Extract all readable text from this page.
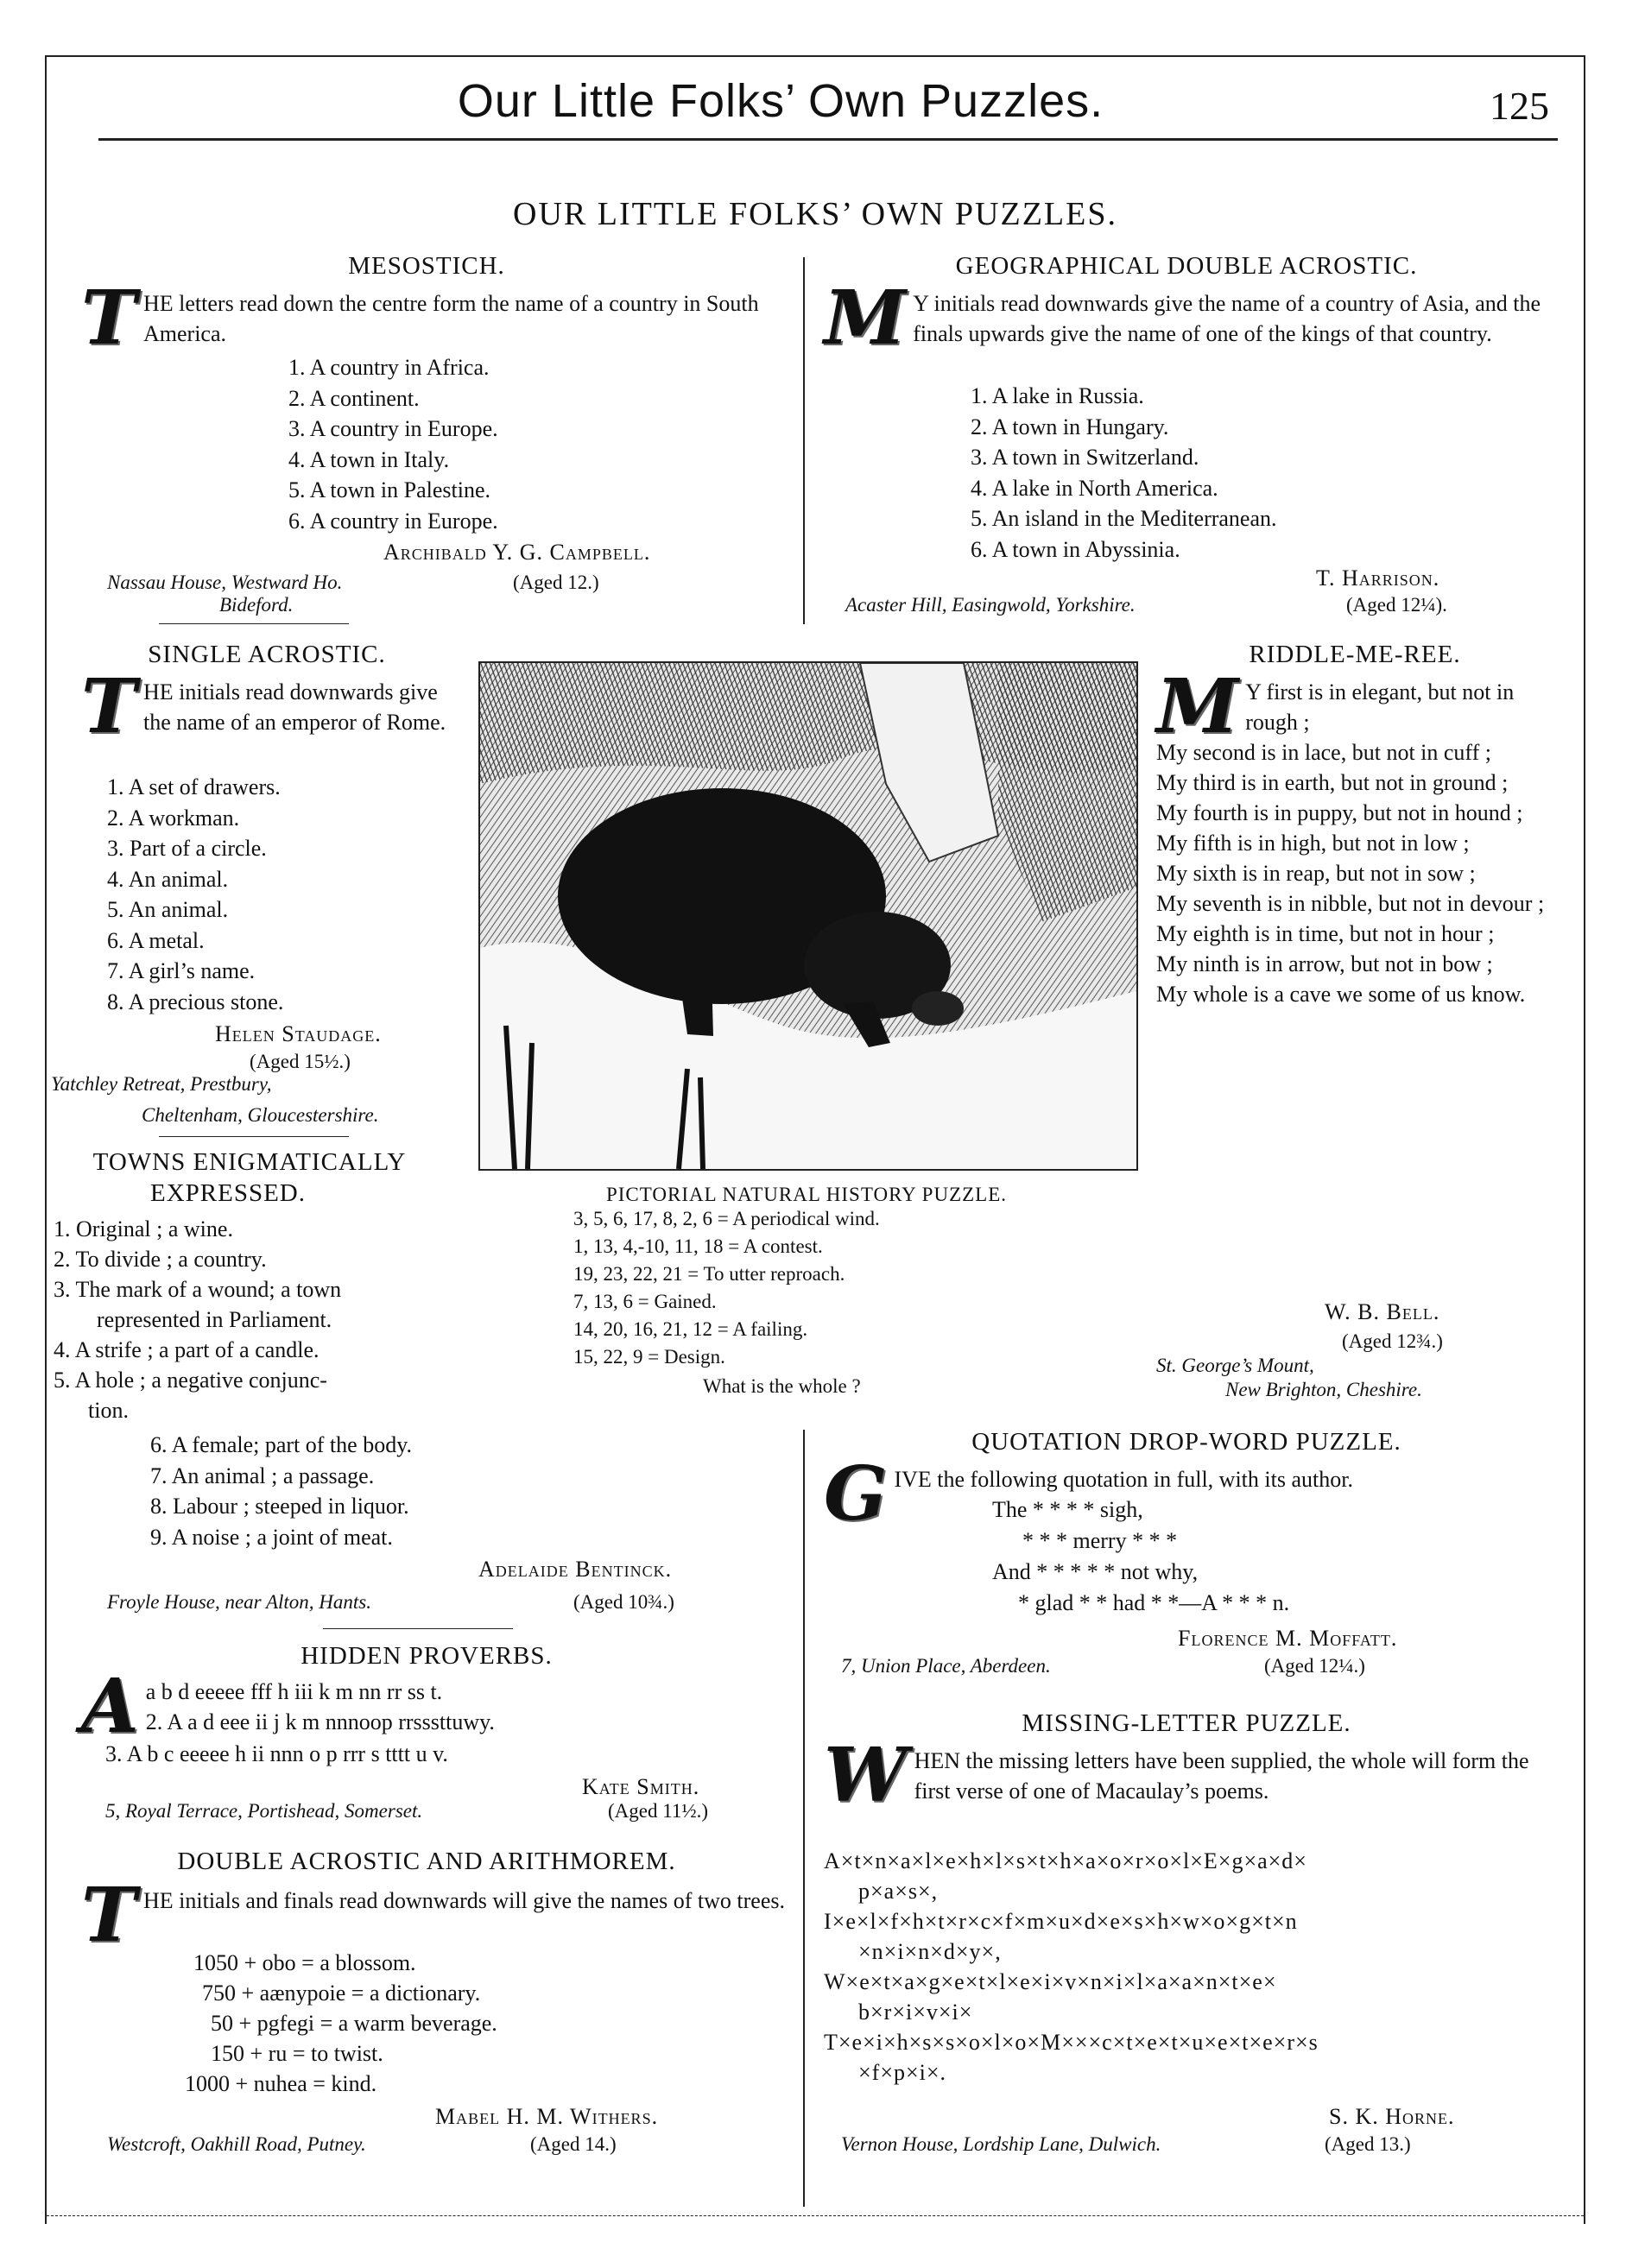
Our Little Folks’ Own Puzzles.	125
OUR LITTLE FOLKS’ OWN PUZZLES.
MESOSTICH.
T HE letters read down the centre form the name of a country in South America.
1. A country in Africa.
2. A continent.
3. A country in Europe.
4. A town in Italy.
5. A town in Palestine.
6. A country in Europe.
Archibald Y. G. Campbell.
Nassau House, Westward Ho.	(Aged 12.)
Bideford.
GEOGRAPHICAL DOUBLE ACROSTIC.
M Y initials read downwards give the name of a country of Asia, and the finals upwards give the name of one of the kings of that country.
1. A lake in Russia.
2. A town in Hungary.
3. A town in Switzerland.
4. A lake in North America.
5. An island in the Mediterranean.
6. A town in Abyssinia.
T. Harrison.
Acaster Hill, Easingwold, Yorkshire.	(Aged 12¼).
SINGLE ACROSTIC.
T HE initials read downwards give the name of an emperor of Rome.
1. A set of drawers.
2. A workman.
3. Part of a circle.
4. An animal.
5. An animal.
6. A metal.
7. A girl’s name.
8. A precious stone.
Helen Staudage.
(Aged 15½.)
Yatchley Retreat, Prestbury,
Cheltenham, Gloucestershire.
PICTORIAL NATURAL HISTORY PUZZLE.
3, 5, 6, 17, 8, 2, 6 = A periodical wind.
1, 13, 4,-10, 11, 18 = A contest.
19, 23, 22, 21 = To utter reproach.
7, 13, 6 = Gained.
14, 20, 16, 21, 12 = A failing.
15, 22, 9 = Design.
What is the whole ?
RIDDLE-ME-REE.
M Y first is in elegant, but not in rough ;
My second is in lace, but not in cuff ;
My third is in earth, but not in ground ;
My fourth is in puppy, but not in hound ;
My fifth is in high, but not in low ;
My sixth is in reap, but not in sow ;
My seventh is in nibble, but not in devour ;
My eighth is in time, but not in hour ;
My ninth is in arrow, but not in bow ;
My whole is a cave we some of us know.
W. B. Bell.
(Aged 12¾.)
St. George’s Mount,
New Brighton, Cheshire.
TOWNS ENIGMATICALLY
EXPRESSED.
1. Original ; a wine.
2. To divide ; a country.
3. The mark of a wound; a town
represented in Parliament.
4. A strife ; a part of a candle.
5. A hole ; a negative conjunc-
tion.
6. A female; part of the body.
7. An animal ; a passage.
8. Labour ; steeped in liquor.
9. A noise ; a joint of meat.
Adelaide Bentinck.
Froyle House, near Alton, Hants.	(Aged 10¾.)
QUOTATION DROP-WORD PUZZLE.
G IVE the following quotation in full, with its author.
The * * * * sigh,
* * * merry * * *
And * * * * * not why,
* glad * * had * *—A * * * n.
Florence M. Moffatt.
7, Union Place, Aberdeen.	(Aged 12¼.)
HIDDEN PROVERBS.
A a b d eeeee fff h iii k m nn rr ss t.
2. A a d eee ii j k m nnnoop rrsssttuwy.
3. A b c eeeee h ii nnn o p rrr s tttt u v.
Kate Smith.
5, Royal Terrace, Portishead, Somerset.	(Aged 11½.)
MISSING-LETTER PUZZLE.
W HEN the missing letters have been supplied, the whole will form the first verse of one of Macaulay’s poems.
A×t×n×a×l×e×h×l×s×t×h×a×o×r×o×l×E×g×a×d×
p×a×s×,
I×e×l×f×h×t×r×c×f×m×u×d×e×s×h×w×o×g×t×n
×n×i×n×d×y×,
W×e×t×a×g×e×t×l×e×i×v×n×i×l×a×a×n×t×e×
b×r×i×v×i×
T×e×i×h×s×s×o×l×o×M×××c×t×e×t×u×e×t×e×r×s
×f×p×i×.
S. K. Horne.
Vernon House, Lordship Lane, Dulwich.	(Aged 13.)
DOUBLE ACROSTIC AND ARITHMOREM.
T HE initials and finals read downwards will give the names of two trees.
1050 + obo = a blossom.
750 + aænypoie = a dictionary.
50 + pgfegi = a warm beverage.
150 + ru = to twist.
1000 + nuhea = kind.
Mabel H. M. Withers.
Westcroft, Oakhill Road, Putney.	(Aged 14.)
